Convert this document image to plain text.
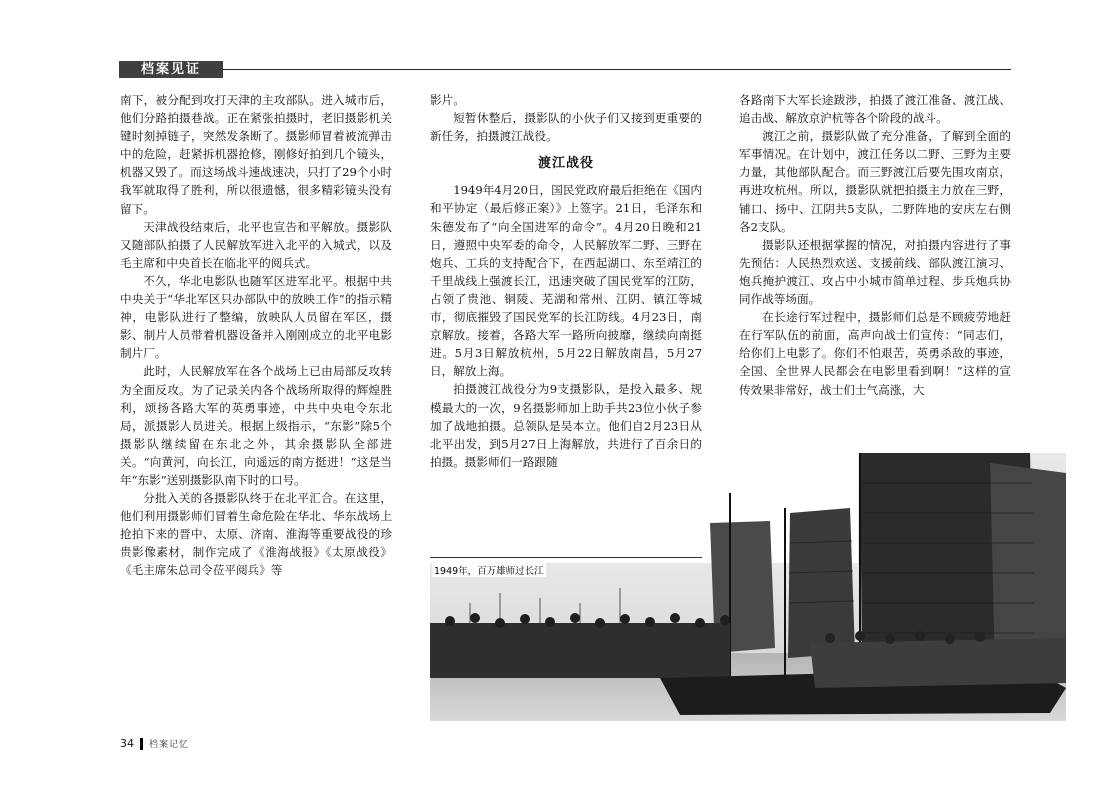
档案见证

南下，被分配到攻打天津的主攻部队。进入城市后，他们分路拍摄巷战。正在紧张拍摄时，老旧摄影机关键时刻掉链子，突然发条断了。摄影师冒着被流弹击中的危险，赶紧拆机器抢修，刚修好拍到几个镜头，机器又毁了。而这场战斗速战速决，只打了29个小时我军就取得了胜利，所以很遗憾，很多精彩镜头没有留下。

天津战役结束后，北平也宣告和平解放。摄影队又随部队拍摄了人民解放军进入北平的入城式，以及毛主席和中央首长在临北平的阅兵式。

不久，华北电影队也随军区进军北平。根据中共中央关于“华北军区只办部队中的放映工作”的指示精神，电影队进行了整编，放映队人员留在军区，摄影、制片人员带着机器设备并入刚刚成立的北平电影制片厂。

此时，人民解放军在各个战场上已由局部反攻转为全面反攻。为了记录关内各个战场所取得的辉煌胜利，颂扬各路大军的英勇事迹，中共中央电令东北局，派摄影人员进关。根据上级指示，“东影”除5个摄影队继续留在东北之外，其余摄影队全部进关。“向黄河，向长江，向遥远的南方挺进！”这是当年“东影”送别摄影队南下时的口号。

分批入关的各摄影队终于在北平汇合。在这里，他们利用摄影师们冒着生命危险在华北、华东战场上抢拍下来的晋中、太原、济南、淮海等重要战役的珍贵影像素材，制作完成了《淮海战报》《太原战役》《毛主席朱总司令莅平阅兵》等

影片。

短暂休整后，摄影队的小伙子们又接到更重要的新任务，拍摄渡江战役。

渡江战役

1949年4月20日，国民党政府最后拒绝在《国内和平协定（最后修正案）》上签字。21日，毛泽东和朱德发布了“向全国进军的命令”。4月20日晚和21日，遵照中央军委的命令，人民解放军二野、三野在炮兵、工兵的支持配合下，在西起湖口、东至靖江的千里战线上强渡长江，迅速突破了国民党军的江防，占领了贵池、铜陵、芜湖和常州、江阴、镇江等城市，彻底摧毁了国民党军的长江防线。4月23日，南京解放。接着，各路大军一路所向披靡，继续向南挺进。5月3日解放杭州，5月22日解放南昌，5月27日，解放上海。

拍摄渡江战役分为9支摄影队，是投入最多、规模最大的一次，9名摄影师加上助手共23位小伙子参加了战地拍摄。总领队是吴本立。他们自2月23日从北平出发，到5月27日上海解放，共进行了百余日的拍摄。摄影师们一路跟随

各路南下大军长途跋涉，拍摄了渡江准备、渡江战、追击战、解放京沪杭等各个阶段的战斗。

渡江之前，摄影队做了充分准备，了解到全面的军事情况。在计划中，渡江任务以二野、三野为主要力量，其他部队配合。而三野渡江后要先围攻南京，再进攻杭州。所以，摄影队就把拍摄主力放在三野，铺口、扬中、江阴共5支队，二野阵地的安庆左右侧各2支队。

摄影队还根据掌握的情况，对拍摄内容进行了事先预估：人民热烈欢送、支援前线、部队渡江演习、炮兵掩护渡江、攻占中小城市简单过程、步兵炮兵协同作战等场面。

在长途行军过程中，摄影师们总是不顾疲劳地赶在行军队伍的前面，高声向战士们宣传：“同志们，给你们上电影了。你们不怕艰苦，英勇杀敌的事迹，全国、全世界人民都会在电影里看到啊！”这样的宣传效果非常好，战士们士气高涨，大

1949年，百万雄师过长江
34 档案记忆
